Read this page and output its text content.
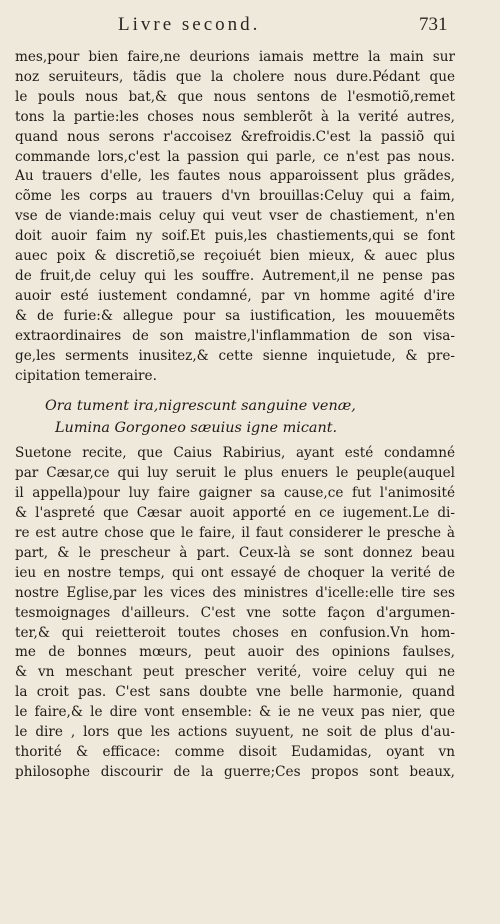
Livre second.	731
mes,pour bien faire,ne deurions iamais mettre la main sur
noz seruiteurs, tãdis que la cholere nous dure.Pédant que
le pouls nous bat,& que nous sentons de l'esmotiõ,remet
tons la partie:les choses nous semblerõt à la verité autres,
quand nous serons r'accoisez &refroidis.C'est la passiõ qui
commande lors,c'est la passion qui parle, ce n'est pas nous.
Au trauers d'elle, les fautes nous apparoissent plus grãdes,
cõme les corps au trauers d'vn brouillas:Celuy qui a faim,
vse de viande:mais celuy qui veut vser de chastiement, n'en
doit auoir faim ny soif.Et puis,les chastiements,qui se font
auec poix & discretiõ,se reçoiuét bien mieux, & auec plus
de fruit,de celuy qui les souffre. Autrement,il ne pense pas
auoir esté iustement condamné, par vn homme agité d'ire
& de furie:& allegue pour sa iustification, les mouuemẽts
extraordinaires de son maistre,l'inflammation de son visa-
ge,les serments inusitez,& cette sienne inquietude, & pre-
cipitation temeraire.
Ora tument ira,nigrescunt sanguine venæ,
Lumina Gorgoneo sæuius igne micant.
Suetone recite, que Caius Rabirius, ayant esté condamné
par Cæsar,ce qui luy seruit le plus enuers le peuple(auquel
il appella)pour luy faire gaigner sa cause,ce fut l'animosité
& l'aspreté que Cæsar auoit apporté en ce iugement.Le di-
re est autre chose que le faire, il faut considerer le presche à
part, & le prescheur à part. Ceux-là se sont donnez beau
ieu en nostre temps, qui ont essayé de choquer la verité de
nostre Eglise,par les vices des ministres d'icelle:elle tire ses
tesmoignages d'ailleurs. C'est vne sotte façon d'argumen-
ter,& qui reietteroit toutes choses en confusion.Vn hom-
me de bonnes mœurs, peut auoir des opinions faulses,
& vn meschant peut prescher verité, voire celuy qui ne
la croit pas. C'est sans doubte vne belle harmonie, quand
le faire,& le dire vont ensemble: & ie ne veux pas nier, que
le dire , lors que les actions suyuent, ne soit de plus d'au-
thorité & efficace: comme disoit Eudamidas, oyant vn
philosophe discourir de la guerre;Ces propos sont beaux,
